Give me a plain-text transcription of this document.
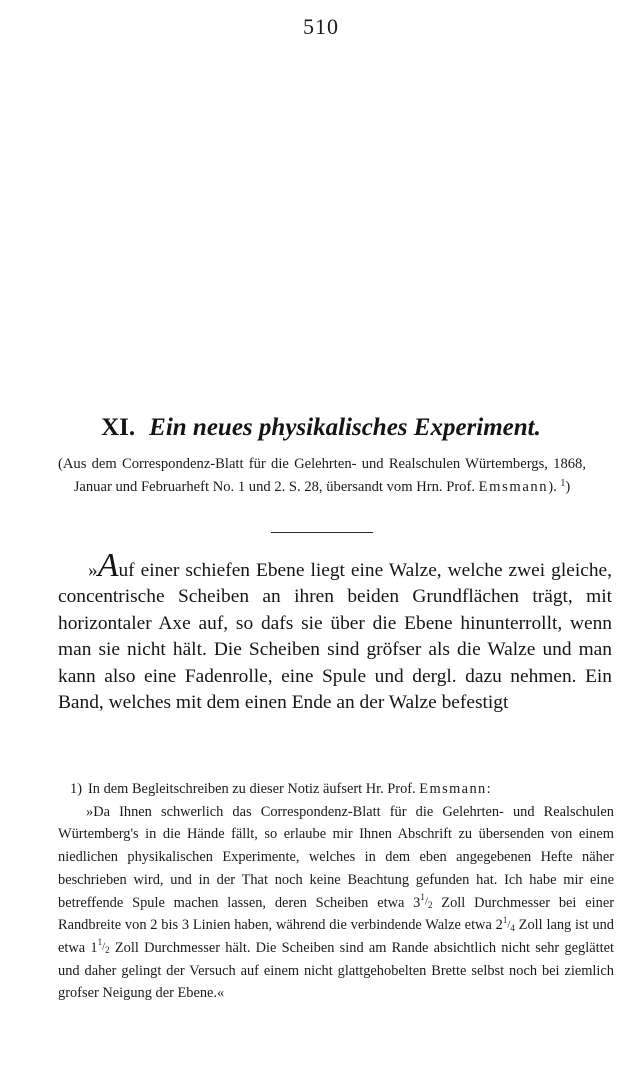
510
XI. Ein neues physikalisches Experiment.
(Aus dem Correspondenz-Blatt für die Gelehrten- und Realschulen Würtembergs, 1868, Januar und Februarheft No. 1 und 2. S. 28, übersandt vom Hrn. Prof. Emsmann). $^1$)
»Auf einer schiefen Ebene liegt eine Walze, welche zwei gleiche, concentrische Scheiben an ihren beiden Grundflächen trägt, mit horizontaler Axe auf, so dafs sie über die Ebene hinunterrollt, wenn man sie nicht hält. Die Scheiben sind gröfser als die Walze und man kann also eine Fadenrolle, eine Spule und dergl. dazu nehmen. Ein Band, welches mit dem einen Ende an der Walze befestigt
1) In dem Begleitschreiben zu dieser Notiz äufsert Hr. Prof. Emsmann:
»Da Ihnen schwerlich das Correspondenz-Blatt für die Gelehrten- und Realschulen Würtemberg's in die Hände fällt, so erlaube mir Ihnen Abschrift zu übersenden von einem niedlichen physikalischen Experimente, welches in dem eben angegebenen Hefte näher beschrieben wird, und in der That noch keine Beachtung gefunden hat. Ich habe mir eine betreffende Spule machen lassen, deren Scheiben etwa $3^1/_2$ Zoll Durchmesser bei einer Randbreite von 2 bis 3 Linien haben, während die verbindende Walze etwa $2^1/_4$ Zoll lang ist und etwa $1^1/_2$ Zoll Durchmesser hält. Die Scheiben sind am Rande absichtlich nicht sehr geglättet und daher gelingt der Versuch auf einem nicht glattgehobelten Brette selbst noch bei ziemlich grofser Neigung der Ebene.«
